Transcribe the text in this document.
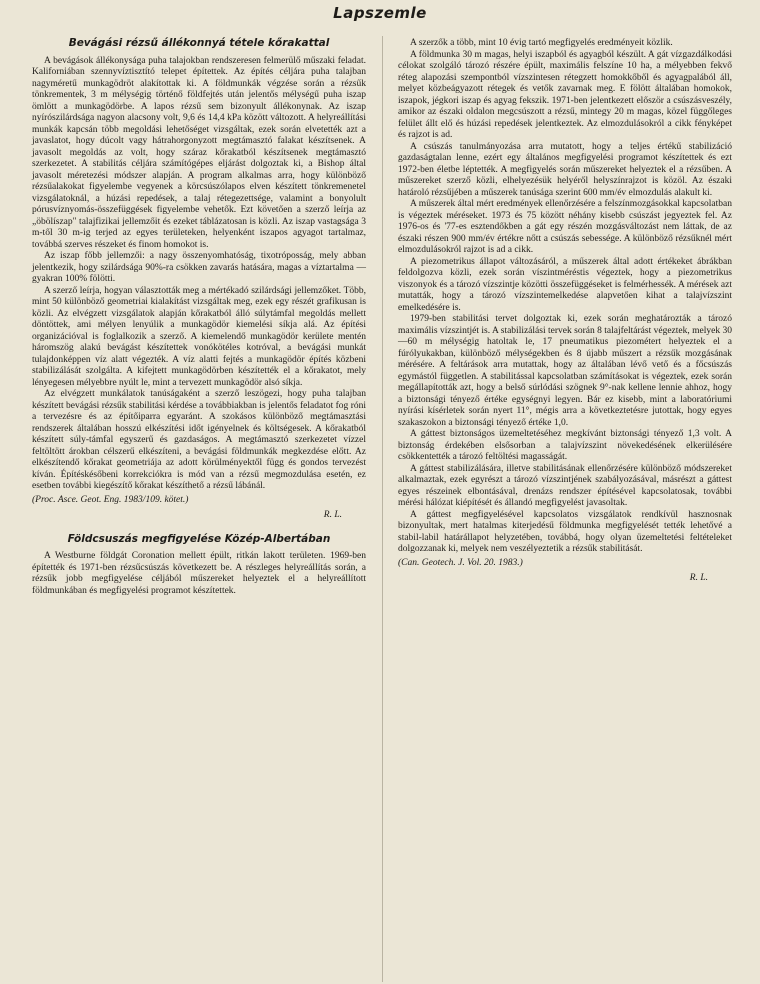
Lapszemle
Bevágási rézsű állékonnyá tétele kőrakattal

A bevágások állékonysága puha talajokban rendszeresen felmerülő műszaki feladat. Kaliforniában szennyvíztisztító telepet építettek. Az építés céljára puha talajban nagyméretű munkagödröt alakítottak ki. A földmunkák végzése során a rézsűk tönkrementek, 3 m mélységig történő földfejtés után jelentős mélységű puha iszap ömlött a munkagödörbe. A lapos rézsű sem bizonyult állékonynak. Az iszap nyírószilárdsága nagyon alacsony volt, 9,6 és 14,4 kPa között változott. A helyreállítási munkák kapcsán több megoldási lehetőséget vizsgáltak, ezek során elvetették azt a javaslatot, hogy dúcolt vagy hátrahorgonyzott megtámasztó falakat készítsenek. A javasolt megoldás az volt, hogy száraz kőrakatból készítsenek megtámasztó szerkezetet. A stabilitás céljára számítógépes eljárást dolgoztak ki, a Bishop által javasolt méretezési módszer alapján. A program alkalmas arra, hogy különböző rézsűalakokat figyelembe vegyenek a körcsúszólapos elven készített tönkremenetel vizsgálatoknál, a húzási repedések, a talaj rétegezettsége, valamint a bonyolult pórusvíznyomás-összefüggések figyelembe vehetők. Ezt követően a szerző leírja az „öbölíszap" talajfizikai jellemzőit és ezeket táblázatosan is közli. Az iszap vastagsága 3 m-től 30 m-ig terjed az egyes területeken, helyenként iszapos agyagot tartalmaz, továbbá szerves részeket és finom homokot is.

Az iszap főbb jellemzői: a nagy összenyomhatóság, tixotróposság, mely abban jelentkezik, hogy szilárdsága 90%-ra csökken zavarás hatására, magas a víztartalma — gyakran 100% fölötti.

A szerző leírja, hogyan választották meg a mértékadó szilárdsági jellemzőket. Több, mint 50 különböző geometriai kialakítást vizsgáltak meg, ezek egy részét grafikusan is közli. Az elvégzett vizsgálatok alapján kőrakatból álló súlytámfal megoldás mellett döntöttek, ami mélyen lenyúlik a munkagödör kiemelési síkja alá. Az építési organizációval is foglalkozik a szerző. A kiemelendő munkagödör kerülete mentén háromszög alakú bevágást készítettek vonókötéles kotróval, a bevágási munkát tulajdonképpen víz alatt végezték. A víz alatti fejtés a munkagödör építés közbeni stabilizálását szolgálta. A kifejtett munkagödörben készítették el a kőrakatot, mely lényegesen mélyebbre nyúlt le, mint a tervezett munkagödör alsó síkja.

Az elvégzett munkálatok tanúságaként a szerző leszögezi, hogy puha talajban készített bevágási rézsűk stabilitási kérdése a továbbiakban is jelentős feladatot fog róni a tervezésre és az építőiparra egyaránt. A szokásos különböző megtámasztási rendszerek általában hosszú elkészítési időt igényelnek és költségesek. A kőrakatból készített súly-támfal egyszerű és gazdaságos. A megtámasztó szerkezetet vízzel feltöltött árokban célszerű elkészíteni, a bevágási földmunkák megkezdése előtt. Az elkészítendő kőrakat geometriája az adott körülményektől függ és gondos tervezést kíván. Építéskésőbeni korrekciókra is mód van a rézsű megmozdulása esetén, ez esetben további kiegészítő kőrakat készíthető a rézsű lábánál.

(Proc. Asce. Geot. Eng. 1983/109. kötet.)

R. L.

Földcsuszás megfigyelése Közép-Albertában

A Westburne földgát Coronation mellett épült, ritkán lakott területen. 1969-ben építették és 1971-ben rézsűcsúszás következett be. A részleges helyreállítás során, a rézsűk jobb megfigyelése céljából műszereket helyeztek el a helyreállított földmunkában és megfigyelési programot készítettek.

A szerzők a több, mint 10 évig tartó megfigyelés eredményeit közlik.

A földmunka 30 m magas, helyi iszapból és agyagból készült. A gát vízgazdálkodási célokat szolgáló tározó részére épült, maximális felszíne 10 ha, a mélyebben fekvő réteg alapozási szempontból vízszintesen rétegzett homokkőből és agyagpalából áll, melyet közbeágyazott rétegek és vetők zavarnak meg. E fölött általában homokok, iszapok, jégkori iszap és agyag fekszik. 1971-ben jelentkezett először a csúszásveszély, amikor az északi oldalon megcsúszott a rézsű, mintegy 20 m magas, közel függőleges felület állt elő és húzási repedések jelentkeztek. Az elmozdulásokról a cikk fényképet és rajzot is ad.

A csúszás tanulmányozása arra mutatott, hogy a teljes értékű stabilizáció gazdaságtalan lenne, ezért egy általános megfigyelési programot készítettek és ezt 1972-ben életbe léptették. A megfigyelés során műszereket helyeztek el a rézsűben. A műszereket szerző közli, elhelyezésük helyéről helyszínrajzot is közöl. Az északi határoló rézsűjében a műszerek tanúsága szerint 600 mm/év elmozdulás alakult ki.

A műszerek által mért eredmények ellenőrzésére a felszínmozgásokkal kapcsolatban is végeztek méréseket. 1973 és 75 között néhány kisebb csúszást jegyeztek fel. Az 1976-os és '77-es esztendőkben a gát egy részén mozgásváltozást nem láttak, de az északi részen 900 mm/év értékre nőtt a csúszás sebessége. A különböző rézsűknél mért elmozdulásokról rajzot is ad a cikk.

A piezometrikus állapot változásáról, a műszerek által adott értékeket ábrákban feldolgozva közli, ezek során víszintméréstis végeztek, hogy a piezometrikus viszonyok és a tározó vízszintje közötti összefüggéseket is felmérhessék. A mérések azt mutatták, hogy a tározó vízszintemelkedése alapvetően kihat a talajvízszint emelkedésére is.

1979-ben stabilitási tervet dolgoztak ki, ezek során meghatározták a tározó maximális vízszintjét is. A stabilizálási tervek során 8 talajfeltárást végeztek, melyek 30—60 m mélységig hatoltak le, 17 pneumatikus piezométert helyeztek el a fúrólyukakban, különböző mélységekben és 8 újabb műszert a rézsűk mozgásának mérésére. A feltárások arra mutattak, hogy az általában lévő vető és a főcsúszás egymástól független. A stabilitással kapcsolatban számításokat is végeztek, ezek során megállapították azt, hogy a belső súrlódási szögnek 9°-nak kellene lennie ahhoz, hogy a biztonsági tényező értéke egységnyi legyen. Bár ez kisebb, mint a laboratóriumi nyírási kísérletek során nyert 11°, mégis arra a következtetésre jutottak, hogy egyes szakaszokon a biztonsági tényező értéke 1,0.

A gáttest biztonságos üzemeltetéséhez megkívánt biztonsági tényező 1,3 volt. A biztonság érdekében elsősorban a talajvízszint növekedésének elkerülésére csökkentették a tározó feltöltési magasságát.

A gáttest stabilizálására, illetve stabilitásának ellenőrzésére különböző módszereket alkalmaztak, ezek egyrészt a tározó vízszintjének szabályozásával, másrészt a gáttest egyes részeinek elbontásával, drenázs rendszer építésével kapcsolatosak, további mérési hálózat kiépítését és állandó megfigyelést javasoltak.

A gáttest megfigyelésével kapcsolatos vizsgálatok rendkívül hasznosnak bizonyultak, mert hatalmas kiterjedésű földmunka megfigyelését tették lehetővé a stabil-labil határállapot helyzetében, továbbá, hogy olyan üzemeltetési feltételeket dolgozzanak ki, melyek nem veszélyeztetik a rézsűk stabilitását.

(Can. Geotech. J. Vol. 20. 1983.)

R. L.
